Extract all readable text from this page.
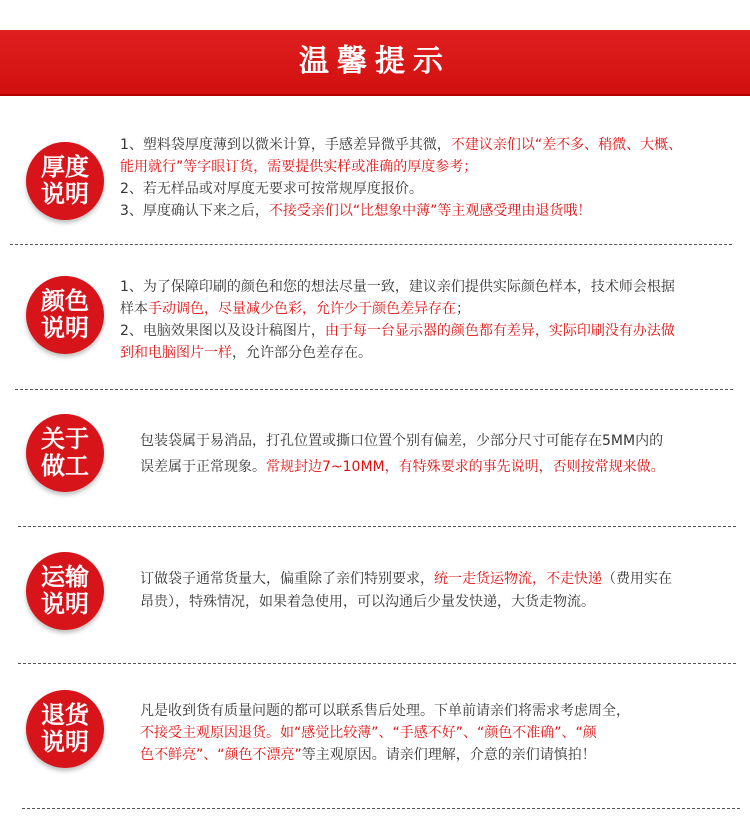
温馨提示
厚度说明
1、塑料袋厚度薄到以微米计算，手感差异微乎其微，不建议亲们以“差不多、稍微、大概、
能用就行”等字眼订货，需要提供实样或准确的厚度参考；
2、若无样品或对厚度无要求可按常规厚度报价。
3、厚度确认下来之后，不接受亲们以“比想象中薄”等主观感受理由退货哦！
颜色说明
1、为了保障印刷的颜色和您的想法尽量一致，建议亲们提供实际颜色样本，技术师会根据
样本手动调色，尽量减少色彩，允许少于颜色差异存在；
2、电脑效果图以及设计稿图片，由于每一台显示器的颜色都有差异，实际印刷没有办法做
到和电脑图片一样，允许部分色差存在。
关于做工
包装袋属于易消品，打孔位置或撕口位置个别有偏差，少部分尺寸可能存在5MM内的
误差属于正常现象。常规封边7~10MM，有特殊要求的事先说明，否则按常规来做。
运输说明
订做袋子通常货量大，偏重除了亲们特别要求，统一走货运物流，不走快递（费用实在
昂贵），特殊情况，如果着急使用，可以沟通后少量发快递，大货走物流。
退货说明
凡是收到货有质量问题的都可以联系售后处理。下单前请亲们将需求考虑周全，
不接受主观原因退货。如“感觉比较薄”、“手感不好”、“颜色不准确”、“颜
色不鲜亮”、“颜色不漂亮”等主观原因。请亲们理解，介意的亲们请慎拍！
